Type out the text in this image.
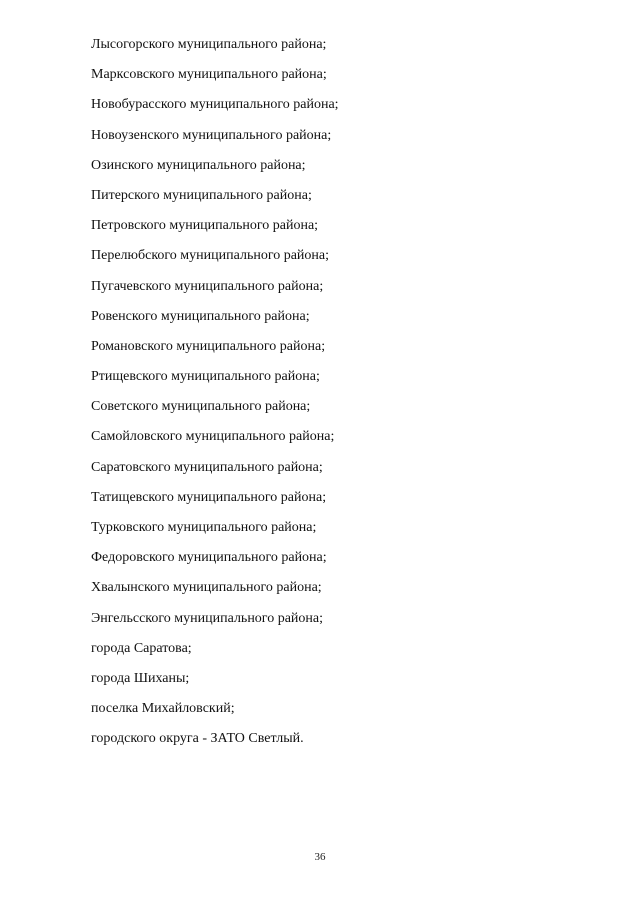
Лысогорского муниципального района;
Марксовского муниципального района;
Новобурасского муниципального района;
Новоузенского муниципального района;
Озинского муниципального района;
Питерского муниципального района;
Петровского муниципального района;
Перелюбского муниципального района;
Пугачевского муниципального района;
Ровенского муниципального района;
Романовского муниципального района;
Ртищевского муниципального района;
Советского муниципального района;
Самойловского муниципального района;
Саратовского муниципального района;
Татищевского муниципального района;
Турковского муниципального района;
Федоровского муниципального района;
Хвалынского муниципального района;
Энгельсского муниципального района;
города Саратова;
города Шиханы;
поселка Михайловский;
городского округа - ЗАТО Светлый.
36
